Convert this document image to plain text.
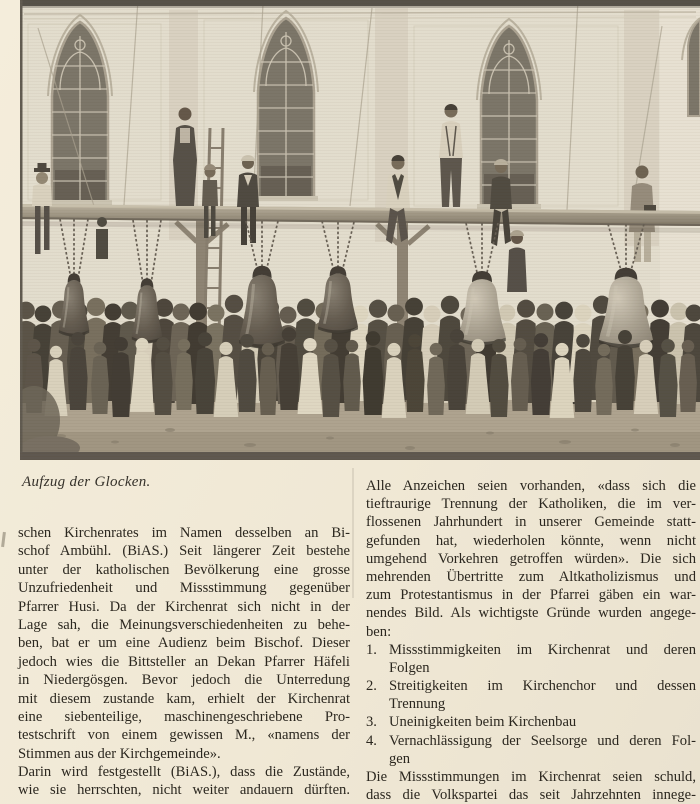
Aufzug der Glocken.
schen Kirchenrates im Namen desselben an Bi-
schof Ambühl. (BiAS.) Seit längerer Zeit bestehe
unter der katholischen Bevölkerung eine grosse
Unzufriedenheit und Missstimmung gegenüber
Pfarrer Husi. Da der Kirchenrat sich nicht in der
Lage sah, die Meinungsverschiedenheiten zu behe-
ben, bat er um eine Audienz beim Bischof. Dieser
jedoch wies die Bittsteller an Dekan Pfarrer Häfeli
in Niedergösgen. Bevor jedoch die Unterredung
mit diesem zustande kam, erhielt der Kirchenrat
eine siebenteilige, maschinengeschriebene Pro-
testschrift von einem gewissen M., «namens der
Stimmen aus der Kirchgemeinde».
Darin wird festgestellt (BiAS.), dass die Zustände,
wie sie herrschten, nicht weiter andauern dürften.
Alle Anzeichen seien vorhanden, «dass sich die
tieftraurige Trennung der Katholiken, die im ver-
flossenen Jahrhundert in unserer Gemeinde statt-
gefunden hat, wiederholen könnte, wenn nicht
umgehend Vorkehren getroffen würden». Die sich
mehrenden Übertritte zum Altkatholizismus und
zum Protestantismus in der Pfarrei gäben ein war-
nendes Bild. Als wichtigste Gründe wurden angege-
ben:
1. Missstimmigkeiten im Kirchenrat und deren
Folgen
2. Streitigkeiten im Kirchenchor und dessen
Trennung
3. Uneinigkeiten beim Kirchenbau
4. Vernachlässigung der Seelsorge und deren Fol-
gen
Die Missstimmungen im Kirchenrat seien schuld,
dass die Volkspartei das seit Jahrzehnten innege-
